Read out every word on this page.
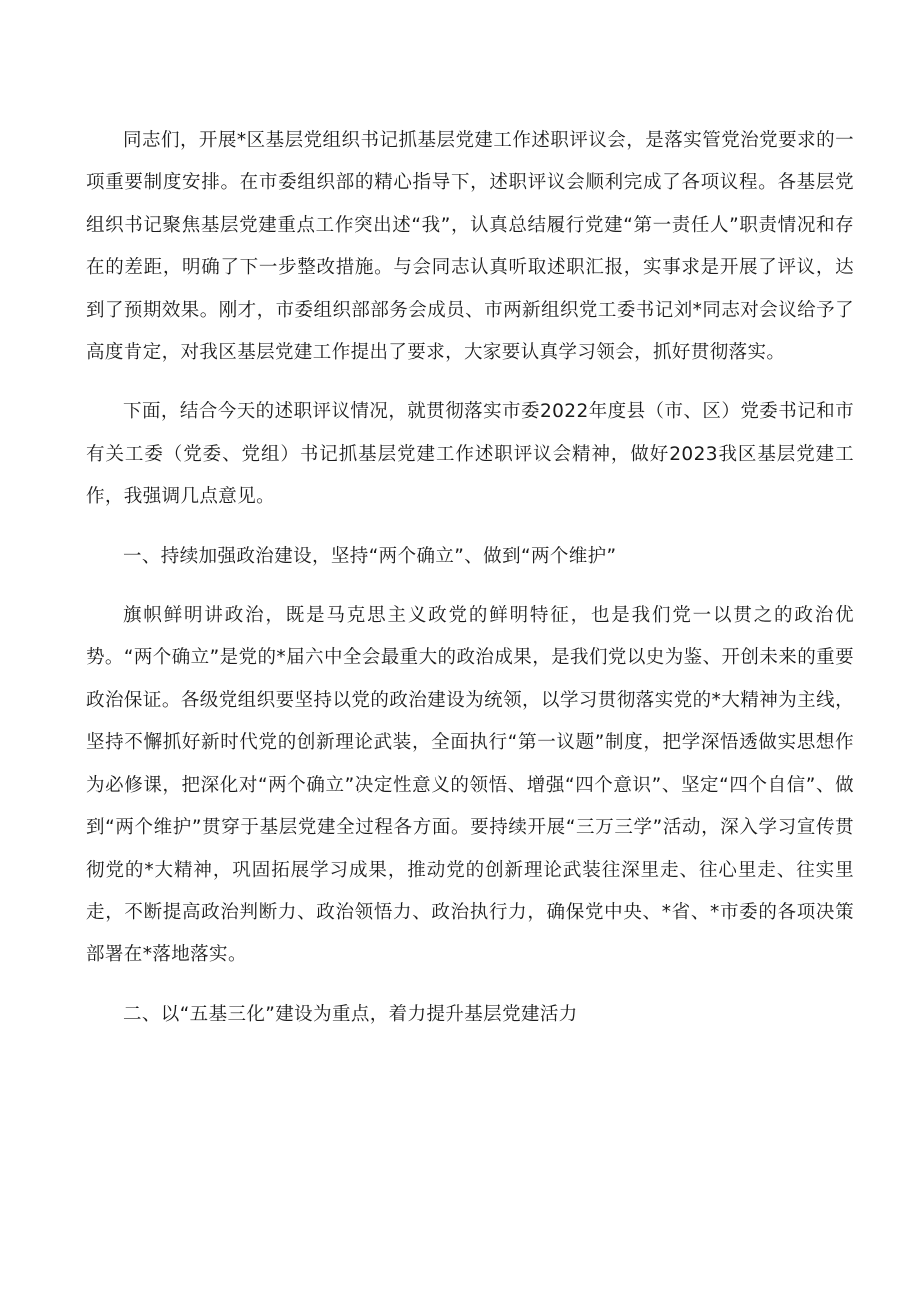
同志们，开展*区基层党组织书记抓基层党建工作述职评议会，是落实管党治党要求的一项重要制度安排。在市委组织部的精心指导下，述职评议会顺利完成了各项议程。各基层党组织书记聚焦基层党建重点工作突出述“我”，认真总结履行党建“第一责任人”职责情况和存在的差距，明确了下一步整改措施。与会同志认真听取述职汇报，实事求是开展了评议，达到了预期效果。刚才，市委组织部部务会成员、市两新组织党工委书记刘*同志对会议给予了高度肯定，对我区基层党建工作提出了要求，大家要认真学习领会，抓好贯彻落实。

下面，结合今天的述职评议情况，就贯彻落实市委2022年度县（市、区）党委书记和市有关工委（党委、党组）书记抓基层党建工作述职评议会精神，做好2023我区基层党建工作，我强调几点意见。

一、持续加强政治建设，坚持“两个确立”、做到“两个维护”

旗帜鲜明讲政治，既是马克思主义政党的鲜明特征，也是我们党一以贯之的政治优势。“两个确立”是党的*届六中全会最重大的政治成果，是我们党以史为鉴、开创未来的重要政治保证。各级党组织要坚持以党的政治建设为统领，以学习贯彻落实党的*大精神为主线，坚持不懈抓好新时代党的创新理论武装，全面执行“第一议题”制度，把学深悟透做实思想作为必修课，把深化对“两个确立”决定性意义的领悟、增强“四个意识”、坚定“四个自信”、做到“两个维护”贯穿于基层党建全过程各方面。要持续开展“三万三学”活动，深入学习宣传贯彻党的*大精神，巩固拓展学习成果，推动党的创新理论武装往深里走、往心里走、往实里走，不断提高政治判断力、政治领悟力、政治执行力，确保党中央、*省、*市委的各项决策部署在*落地落实。

二、以“五基三化”建设为重点，着力提升基层党建活力
